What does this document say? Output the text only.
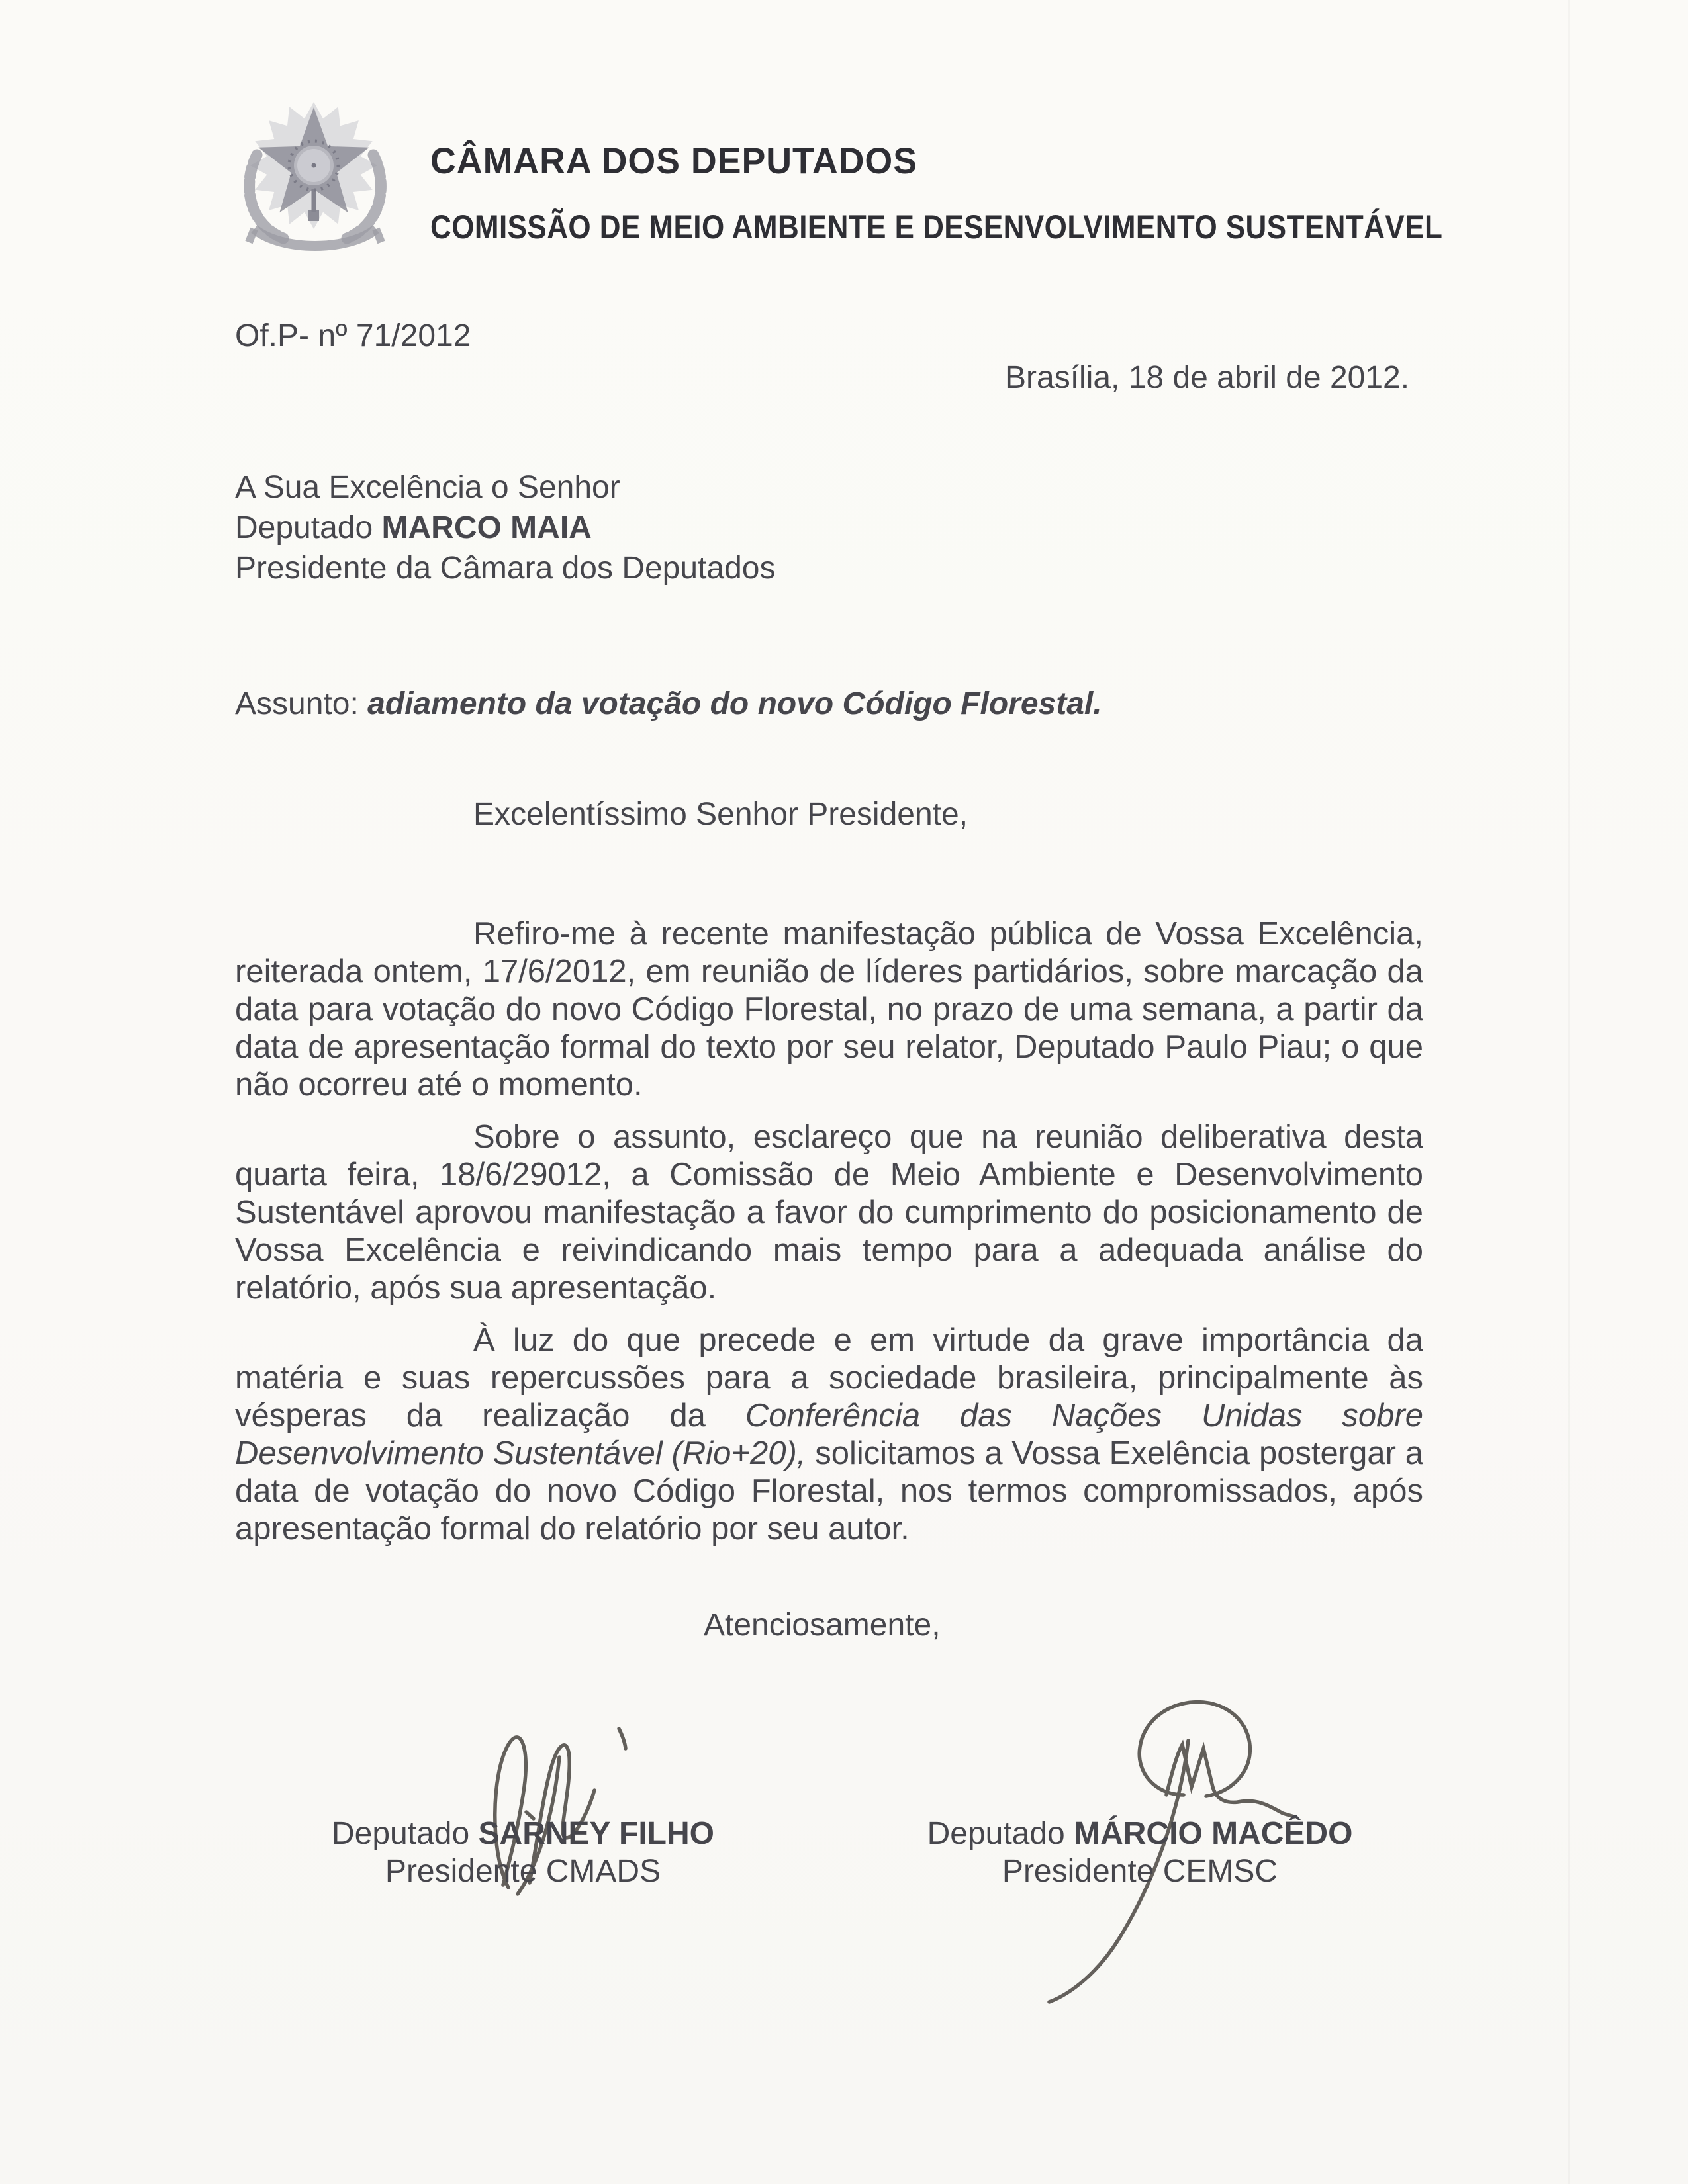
CÂMARA DOS DEPUTADOS
COMISSÃO DE MEIO AMBIENTE E DESENVOLVIMENTO SUSTENTÁVEL
Of.P- nº 71/2012
Brasília, 18 de abril de 2012.
A Sua Excelência o Senhor
Deputado MARCO MAIA
Presidente da Câmara dos Deputados
Assunto: adiamento da votação do novo Código Florestal.
Excelentíssimo Senhor Presidente,

Refiro-me à recente manifestação pública de Vossa Excelência, reiterada ontem, 17/6/2012, em reunião de líderes partidários, sobre marcação da data para votação do novo Código Florestal, no prazo de uma semana, a partir da data de apresentação formal do texto por seu relator, Deputado Paulo Piau; o que não ocorreu até o momento.

Sobre o assunto, esclareço que na reunião deliberativa desta quarta feira, 18/6/29012, a Comissão de Meio Ambiente e Desenvolvimento Sustentável aprovou manifestação a favor do cumprimento do posicionamento de Vossa Excelência e reivindicando mais tempo para a adequada análise do relatório, após sua apresentação.

À luz do que precede e em virtude da grave importância da matéria e suas repercussões para a sociedade brasileira, principalmente às vésperas da realização da Conferência das Nações Unidas sobre Desenvolvimento Sustentável (Rio+20), solicitamos a Vossa Exelência postergar a data de votação do novo Código Florestal, nos termos compromissados, após apresentação formal do relatório por seu autor.

Atenciosamente,
Deputado SARNEY FILHO
Presidente CMADS
Deputado MÁRCIO MACÊDO
Presidente CEMSC
